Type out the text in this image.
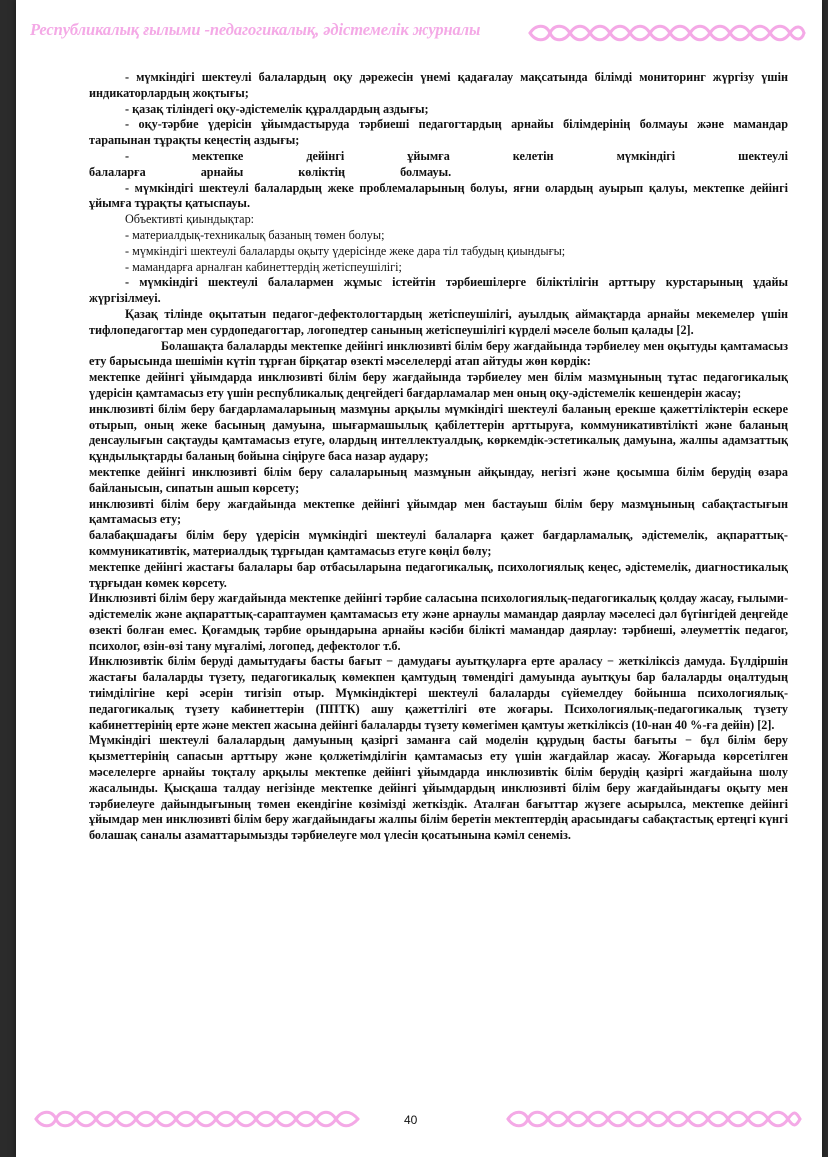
Республикалық ғылыми -педагогикалық, әдістемелік журналы

- мүмкіндігі шектеулі балалардың оқу дәрежесін үнемі қадағалау мақсатында білімді мониторинг жүргізу үшін индикаторлардың жоқтығы;

- қазақ тіліндегі оқу-әдістемелік құралдардың аздығы;

- оқу-тәрбие үдерісін ұйымдастыруда тәрбиеші педагогтардың арнайы білімдерінің болмауы және мамандар тарапынан тұрақты кеңестің аздығы;

- мектепке дейінгі ұйымға келетін мүмкіндігі шектеулі балаларға арнайы көліктің болмауы.

- мүмкіндігі шектеулі балалардың жеке проблемаларының болуы, яғни олардың ауырып қалуы, мектепке дейінгі ұйымға тұрақты қатыспауы.

Объективті қиындықтар:

- материалдық-техникалық базаның төмен болуы;

- мүмкіндігі шектеулі балаларды оқыту үдерісінде жеке дара тіл табудың қиындығы;

- мамандарға арналған кабинеттердің жетіспеушілігі;

- мүмкіндігі шектеулі балалармен жұмыс істейтін тәрбиешілерге біліктілігін арттыру курстарының ұдайы жүргізілмеуі.

Қазақ тілінде оқытатын педагог-дефектологтардың жетіспеушілігі, ауылдық аймақтарда арнайы мекемелер үшін тифлопедагогтар мен сурдопедагогтар, логопедтер санының жетіспеушілігі күрделі мәселе болып қалады [2].

Болашақта балаларды мектепке дейінгі инклюзивті білім беру жағдайында тәрбиелеу мен оқытуды қамтамасыз ету барысында шешімін күтіп тұрған бірқатар өзекті мәселелерді атап айтуды жөн көрдік:

мектепке дейінгі ұйымдарда инклюзивті білім беру жағдайында тәрбиелеу мен білім мазмұнының тұтас педагогикалық үдерісін қамтамасыз ету үшін республикалық деңгейдегі бағдарламалар мен оның оқу-әдістемелік кешендерін жасау;

инклюзивті білім беру бағдарламаларының мазмұны арқылы мүмкіндігі шектеулі баланың ерекше қажеттіліктерін ескере отырып, оның жеке басының дамуына, шығармашылық қабілеттерін арттыруға, коммуникативтілікті және баланың денсаулығын сақтауды қамтамасыз етуге, олардың интеллектуалдық, көркемдік-эстетикалық дамуына, жалпы адамзаттық құндылықтарды баланың бойына сіңіруге баса назар аудару;

мектепке дейінгі инклюзивті білім беру салаларының мазмұнын айқындау, негізгі және қосымша білім берудің өзара байланысын, сипатын ашып көрсету;

инклюзивті білім беру жағдайында мектепке дейінгі ұйымдар мен бастауыш білім беру мазмұнының сабақтастығын қамтамасыз ету;

балабақшадағы білім беру үдерісін мүмкіндігі шектеулі балаларға қажет бағдарламалық, әдістемелік, ақпараттық-коммуникативтік, материалдық тұрғыдан қамтамасыз етуге көңіл бөлу;

мектепке дейінгі жастағы балалары бар отбасыларына педагогикалық, психологиялық кеңес, әдістемелік, диагностикалық тұрғыдан көмек көрсету.

Инклюзивті білім беру жағдайында мектепке дейінгі тәрбие саласына психологиялық-педагогикалық қолдау жасау, ғылыми-әдістемелік және ақпараттық-сараптаумен қамтамасыз ету және арнаулы мамандар даярлау мәселесі дәл бүгінгідей деңгейде өзекті болған емес. Қоғамдық тәрбие орындарына арнайы кәсіби білікті мамандар даярлау: тәрбиеші, әлеуметтік педагог, психолог, өзін-өзі тану мұғалімі, логопед, дефектолог т.б.

Инклюзивтік білім беруді дамытудағы басты бағыт − дамудағы ауытқуларға ерте араласу − жеткіліксіз дамуда. Бүлдіршін жастағы балаларды түзету, педагогикалық көмекпен қамтудың төмендігі дамуында ауытқуы бар балаларды оңалтудың тиімділігіне кері әсерін тигізіп отыр. Мүмкіндіктері шектеулі балаларды сүйемелдеу бойынша психологиялық-педагогикалық түзету кабинеттерін (ППТК) ашу қажеттілігі өте жоғары. Психологиялық-педагогикалық түзету кабинеттерінің ерте және мектеп жасына дейінгі балаларды түзету көмегімен қамтуы жеткіліксіз (10-нан 40 %-ға дейін) [2].

Мүмкіндігі шектеулі балалардың дамуының қазіргі заманға сай моделін құрудың басты бағыты − бұл білім беру қызметтерінің сапасын арттыру және қолжетімділігін қамтамасыз ету үшін жағдайлар жасау. Жоғарыда көрсетілген мәселелерге арнайы тоқталу арқылы мектепке дейінгі ұйымдарда инклюзивтік білім берудің қазіргі жағдайына шолу жасалынды. Қысқаша талдау негізінде мектепке дейінгі ұйымдардың инклюзивті білім беру жағдайындағы оқыту мен тәрбиелеуге дайындығының төмен екендігіне көзімізді жеткіздік. Аталған бағыттар жүзеге асырылса, мектепке дейінгі ұйымдар мен инклюзивті білім беру жағдайындағы жалпы білім беретін мектептердің арасындағы сабақтастық ертеңгі күнгі болашақ саналы азаматтарымызды тәрбиелеуге мол үлесін қосатынына кәміл сенеміз.

40
